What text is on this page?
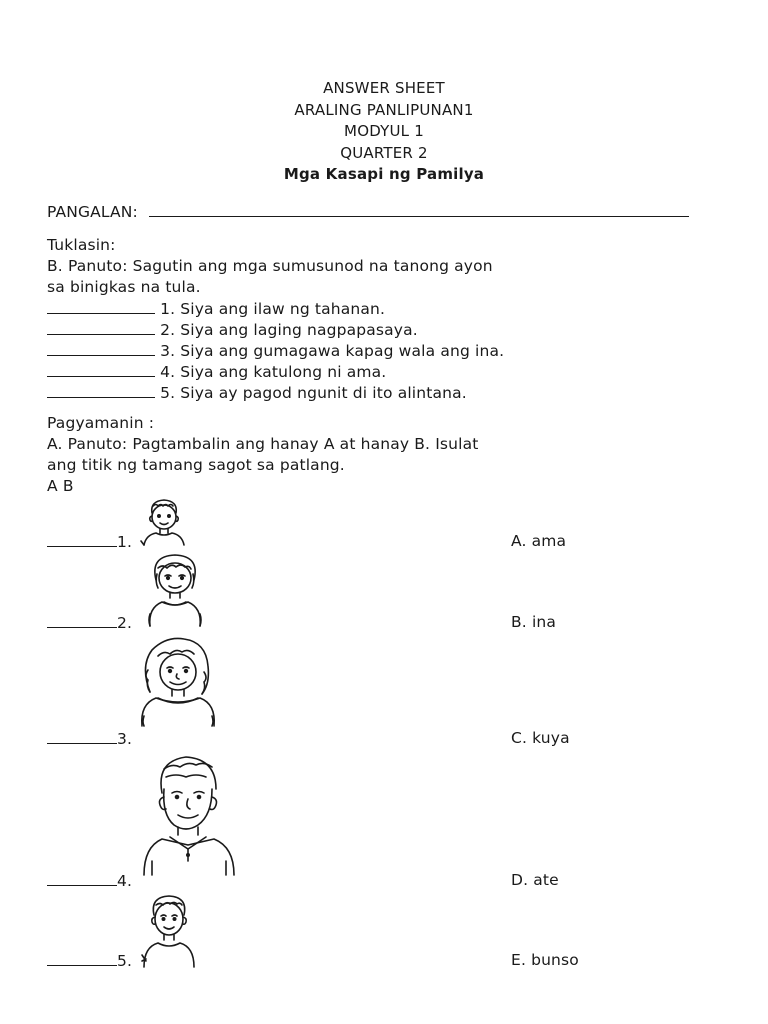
ANSWER SHEET
ARALING PANLIPUNAN1
MODYUL 1
QUARTER 2
Mga Kasapi ng Pamilya
PANGALAN:
Tuklasin:
B. Panuto: Sagutin ang mga sumusunod na tanong ayon
sa binigkas na tula.
1. Siya ang ilaw ng tahanan.
2. Siya ang laging nagpapasaya.
3. Siya ang gumagawa kapag wala ang ina.
4. Siya ang katulong ni ama.
5. Siya ay pagod ngunit di ito alintana.
Pagyamanin :
A. Panuto: Pagtambalin ang hanay A at hanay B. Isulat
ang titik ng tamang sagot sa patlang.
A B
1.	A. ama
2.	B. ina
3.	C. kuya
4.	D. ate
5.	E. bunso
